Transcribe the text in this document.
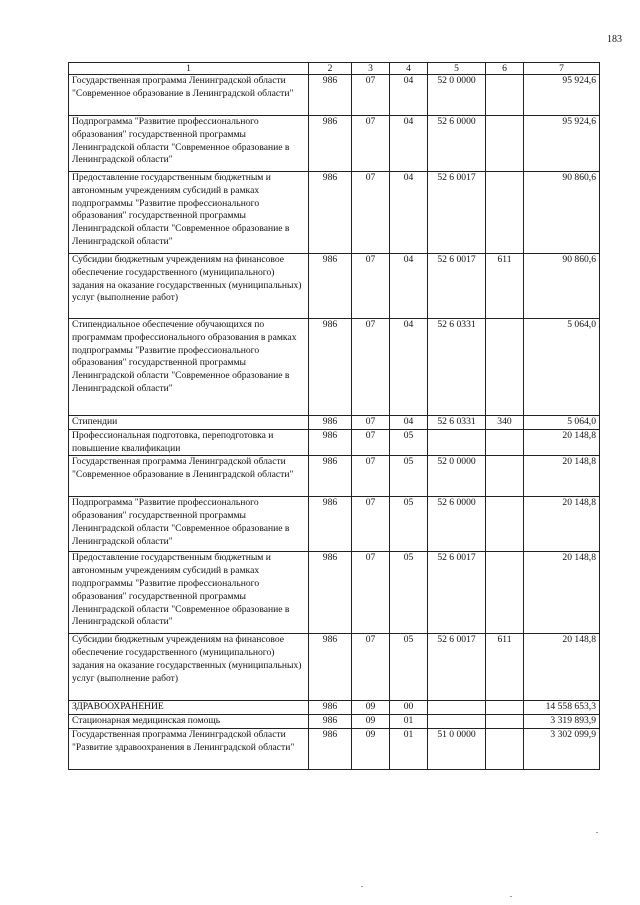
183
1	2	3	4	5	6	7
Государственная программа Ленинградской области "Современное образование в Ленинградской области"	986	07	04	52 0 0000		95 924,6
Подпрограмма "Развитие профессионального образования" государственной программы Ленинградской области "Современное образование в Ленинградской области"	986	07	04	52 6 0000		95 924,6
Предоставление государственным бюджетным и автономным учреждениям субсидий в рамках подпрограммы "Развитие профессионального образования" государственной программы Ленинградской области "Современное образование в Ленинградской области"	986	07	04	52 6 0017		90 860,6
Субсидии бюджетным учреждениям на финансовое обеспечение государственного (муниципального) задания на оказание государственных (муниципальных) услуг (выполнение работ)	986	07	04	52 6 0017	611	90 860,6
Стипендиальное обеспечение обучающихся по программам профессионального образования в рамках подпрограммы "Развитие профессионального образования" государственной программы Ленинградской области "Современное образование в Ленинградской области"	986	07	04	52 6 0331		5 064,0
Стипендии	986	07	04	52 6 0331	340	5 064,0
Профессиональная подготовка, переподготовка и повышение квалификации	986	07	05			20 148,8
Государственная программа Ленинградской области "Современное образование в Ленинградской области"	986	07	05	52 0 0000		20 148,8
Подпрограмма "Развитие профессионального образования" государственной программы Ленинградской области "Современное образование в Ленинградской области"	986	07	05	52 6 0000		20 148,8
Предоставление государственным бюджетным и автономным учреждениям субсидий в рамках подпрограммы "Развитие профессионального образования" государственной программы Ленинградской области "Современное образование в Ленинградской области"	986	07	05	52 6 0017		20 148,8
Субсидии бюджетным учреждениям на финансовое обеспечение государственного (муниципального) задания на оказание государственных (муниципальных) услуг (выполнение работ)	986	07	05	52 6 0017	611	20 148,8
ЗДРАВООХРАНЕНИЕ	986	09	00			14 558 653,3
Стационарная медицинская помощь	986	09	01			3 319 893,9
Государственная программа Ленинградской области "Развитие здравоохранения в Ленинградской области"	986	09	01	51 0 0000		3 302 099,9
